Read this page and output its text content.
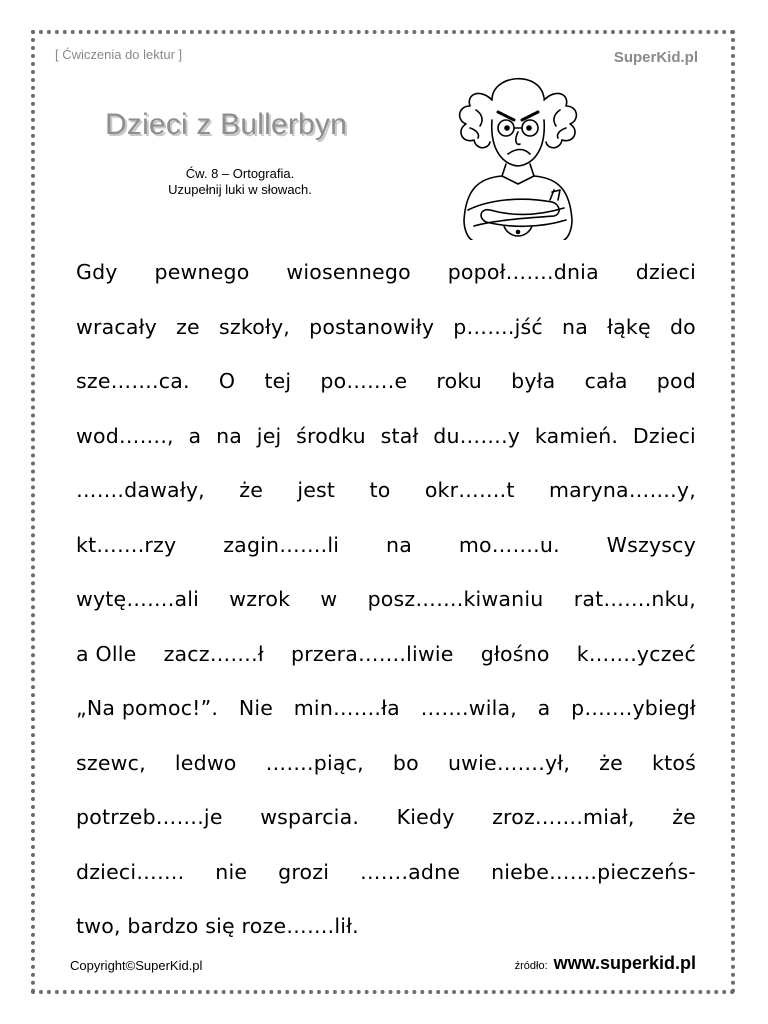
[ Ćwiczenia do lektur ]	SuperKid.pl
Dzieci z Bullerbyn
Ćw. 8 – Ortografia.
Uzupełnij luki w słowach.
Gdy pewnego wiosennego popoł…….dnia dzieci
wracały ze szkoły, postanowiły p…….jść na łąkę do
sze…….ca. O tej po…….e roku była cała pod
wod……., a na jej środku stał du…….y kamień. Dzieci
…….dawały, że jest to okr…….t maryna…….y,
kt…….rzy zagin…….li na mo…….u. Wszyscy
wytę…….ali wzrok w posz…….kiwaniu rat…….nku,
a Olle zacz…….ł przera…….liwie głośno k…….yczeć
„Na pomoc!”. Nie min…….ła …….wila, a p…….ybiegł
szewc, ledwo …….piąc, bo uwie…….ył, że ktoś
potrzeb…….je wsparcia. Kiedy zroz…….miał, że
dzieci……. nie grozi …….adne niebe…….pieczeńs-
two, bardzo się roze…….lił.
Copyright©SuperKid.pl	źródło: www.superkid.pl
